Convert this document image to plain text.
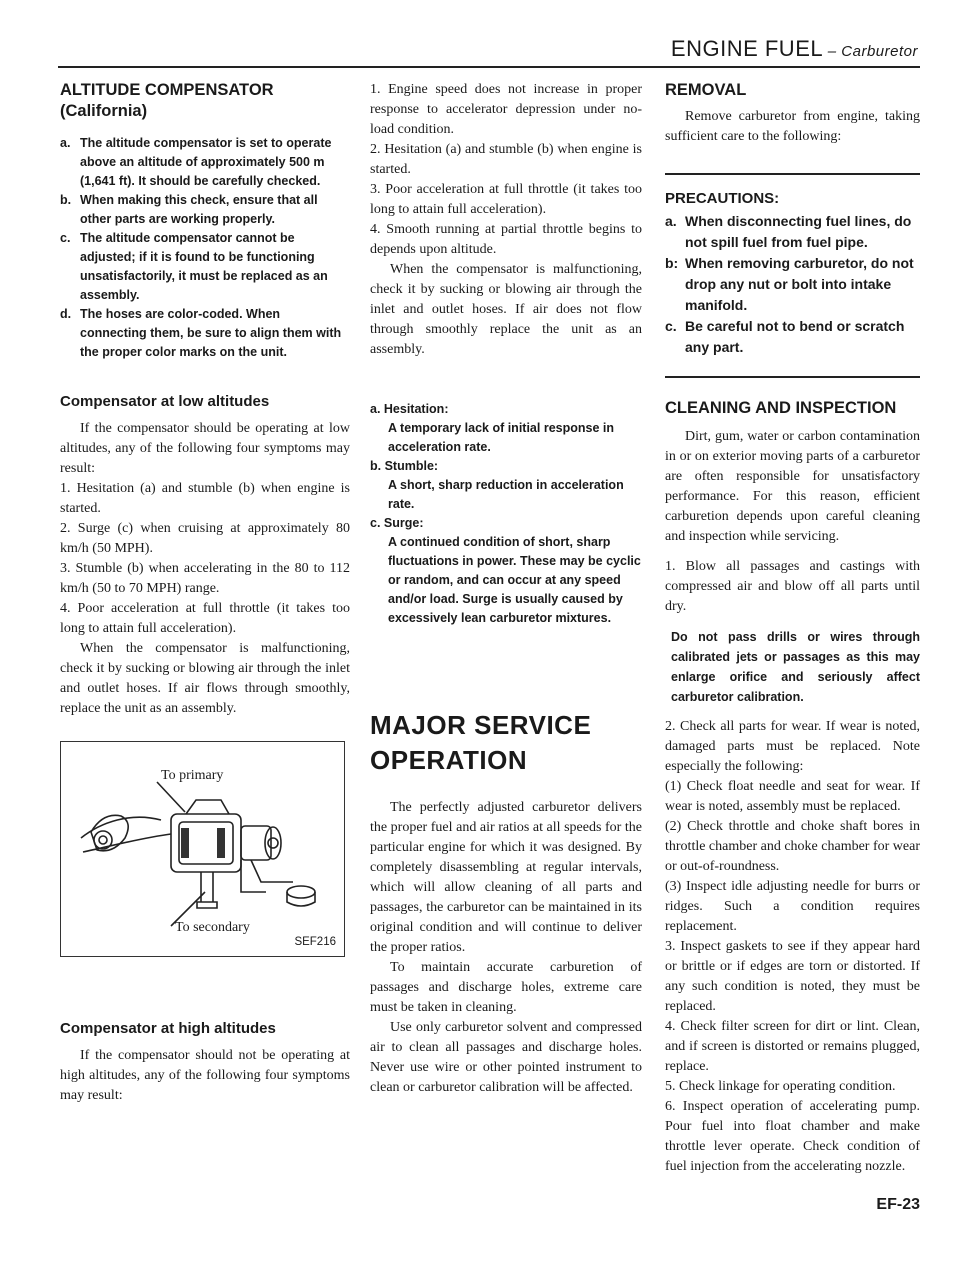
ENGINE FUEL – Carburetor
ALTITUDE COMPENSATOR
(California)
a. The altitude compensator is set to operate above an altitude of approximately 500 m (1,641 ft). It should be carefully checked.
b. When making this check, ensure that all other parts are working properly.
c. The altitude compensator cannot be adjusted; if it is found to be functioning unsatisfactorily, it must be replaced as an assembly.
d. The hoses are color-coded. When connecting them, be sure to align them with the proper color marks on the unit.
Compensator at low altitudes

If the compensator should be operating at low altitudes, any of the following four symptoms may result:

1. Hesitation (a) and stumble (b) when engine is started.

2. Surge (c) when cruising at approximately 80 km/h (50 MPH).

3. Stumble (b) when accelerating in the 80 to 112 km/h (50 to 70 MPH) range.

4. Poor acceleration at full throttle (it takes too long to attain full acceleration).

When the compensator is malfunctioning, check it by sucking or blowing air through the inlet and outlet hoses. If air flows through smoothly, replace the unit as an assembly.

To primary
To secondary
SEF216
Compensator at high altitudes

If the compensator should not be operating at high altitudes, any of the following four symptoms may result:

1. Engine speed does not increase in proper response to accelerator depression under no-load condition.

2. Hesitation (a) and stumble (b) when engine is started.

3. Poor acceleration at full throttle (it takes too long to attain full acceleration).

4. Smooth running at partial throttle begins to depends upon altitude.

When the compensator is malfunctioning, check it by sucking or blowing air through the inlet and outlet hoses. If air does not flow through smoothly replace the unit as an assembly.

a. Hesitation:
A temporary lack of initial response in acceleration rate.
b. Stumble:
A short, sharp reduction in acceleration rate.
c. Surge:
A continued condition of short, sharp fluctuations in power. These may be cyclic or random, and can occur at any speed and/or load. Surge is usually caused by excessively lean carburetor mixtures.
MAJOR SERVICE
OPERATION

The perfectly adjusted carburetor delivers the proper fuel and air ratios at all speeds for the particular engine for which it was designed. By completely disassembling at regular intervals, which will allow cleaning of all parts and passages, the carburetor can be maintained in its original condition and will continue to deliver the proper ratios.

To maintain accurate carburetion of passages and discharge holes, extreme care must be taken in cleaning.

Use only carburetor solvent and compressed air to clean all passages and discharge holes. Never use wire or other pointed instrument to clean or carburetor calibration will be affected.

REMOVAL

Remove carburetor from engine, taking sufficient care to the following:

PRECAUTIONS:
a. When disconnecting fuel lines, do not spill fuel from fuel pipe.
b: When removing carburetor, do not drop any nut or bolt into intake manifold.
c. Be careful not to bend or scratch any part.
CLEANING AND INSPECTION

Dirt, gum, water or carbon contamination in or on exterior moving parts of a carburetor are often responsible for unsatisfactory performance. For this reason, efficient carburetion depends upon careful cleaning and inspection while servicing.

1. Blow all passages and castings with compressed air and blow off all parts until dry.

Do not pass drills or wires through calibrated jets or passages as this may enlarge orifice and seriously affect carburetor calibration.

2. Check all parts for wear. If wear is noted, damaged parts must be replaced. Note especially the following:

(1) Check float needle and seat for wear. If wear is noted, assembly must be replaced.

(2) Check throttle and choke shaft bores in throttle chamber and choke chamber for wear or out-of-roundness.

(3) Inspect idle adjusting needle for burrs or ridges. Such a condition requires replacement.

3. Inspect gaskets to see if they appear hard or brittle or if edges are torn or distorted. If any such condition is noted, they must be replaced.

4. Check filter screen for dirt or lint. Clean, and if screen is distorted or remains plugged, replace.

5. Check linkage for operating condition.

6. Inspect operation of accelerating pump. Pour fuel into float chamber and make throttle lever operate. Check condition of fuel injection from the accelerating nozzle.

EF-23
